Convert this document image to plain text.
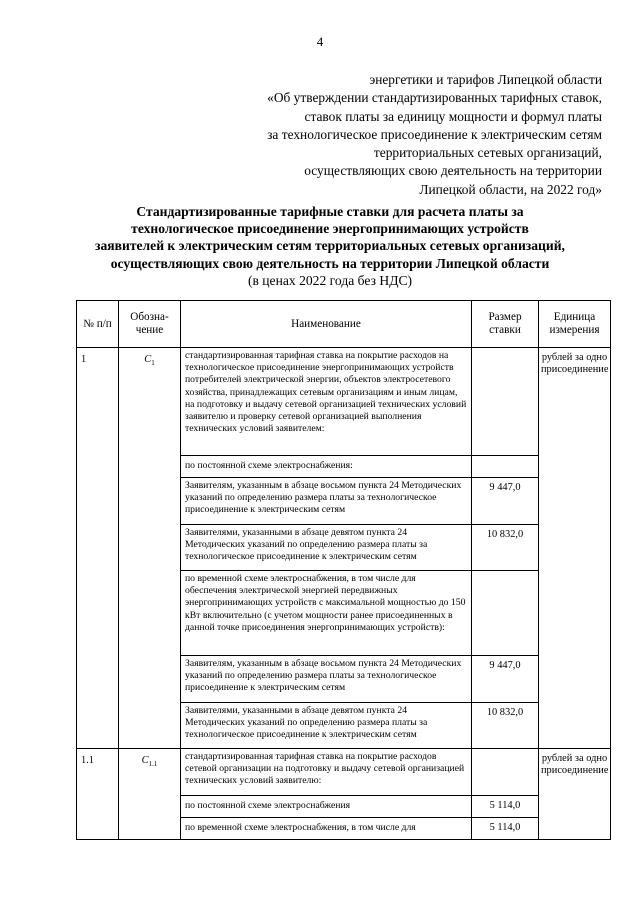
4
энергетики и тарифов Липецкой области
«Об утверждении стандартизированных тарифных ставок,
ставок платы за единицу мощности и формул платы
за технологическое присоединение к электрическим сетям
территориальных сетевых организаций,
осуществляющих свою деятельность на территории
Липецкой области, на 2022 год»
Стандартизированные тарифные ставки для расчета платы за
технологическое присоединение энергопринимающих устройств
заявителей к электрическим сетям территориальных сетевых организаций,
осуществляющих свою деятельность на территории Липецкой области
(в ценах 2022 года без НДС)
№ п/п	Обозна-чение	Наименование	Размер ставки	Единица измерения
1	$C_1$	стандартизированная тарифная ставка на покрытие расходов на технологическое присоединение энергопринимающих устройств потребителей электрической энергии, объектов электросетевого хозяйства, принадлежащих сетевым организациям и иным лицам, на подготовку и выдачу сетевой организацией технических условий заявителю и проверку сетевой организацией выполнения технических условий заявителем:		рублей за одно присоединение
		по постоянной схеме электроснабжения:		
		Заявителям, указанным в абзаце восьмом пункта 24 Методических указаний по определению размера платы за технологическое присоединение к электрическим сетям	9 447,0	
		Заявителями, указанными в абзаце девятом пункта 24 Методических указаний по определению размера платы за технологическое присоединение к электрическим сетям	10 832,0	
		по временной схеме электроснабжения, в том числе для обеспечения электрической энергией передвижных энергопринимающих устройств с максимальной мощностью до 150 кВт включительно (с учетом мощности ранее присоединенных в данной точке присоединения энергопринимающих устройств):		
		Заявителям, указанным в абзаце восьмом пункта 24 Методических указаний по определению размера платы за технологическое присоединение к электрическим сетям	9 447,0	
		Заявителями, указанными в абзаце девятом пункта 24 Методических указаний по определению размера платы за технологическое присоединение к электрическим сетям	10 832,0	
1.1	$C_{1.1}$	стандартизированная тарифная ставка на покрытие расходов сетевой организации на подготовку и выдачу сетевой организацией технических условий заявителю:		рублей за одно присоединение
		по постоянной схеме электроснабжения	5 114,0	
		по временной схеме электроснабжения, в том числе для	5 114,0	
